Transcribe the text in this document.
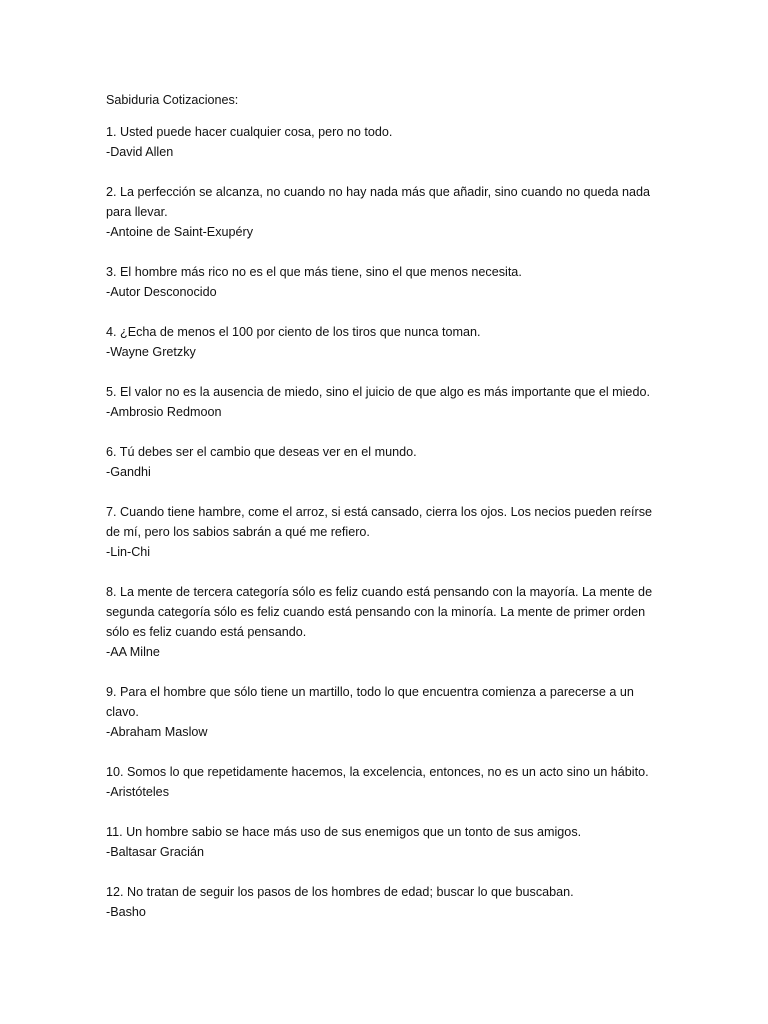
Sabiduria Cotizaciones:

1. Usted puede hacer cualquier cosa, pero no todo.

-David Allen

2. La perfección se alcanza, no cuando no hay nada más que añadir, sino cuando no queda nada para llevar.

-Antoine de Saint-Exupéry

3. El hombre más rico no es el que más tiene, sino el que menos necesita.

-Autor Desconocido

4. ¿Echa de menos el 100 por ciento de los tiros que nunca toman.

-Wayne Gretzky

5. El valor no es la ausencia de miedo, sino el juicio de que algo es más importante que el miedo.

-Ambrosio Redmoon

6. Tú debes ser el cambio que deseas ver en el mundo.

-Gandhi

7. Cuando tiene hambre, come el arroz, si está cansado, cierra los ojos. Los necios pueden reírse de mí, pero los sabios sabrán a qué me refiero.

-Lin-Chi

8. La mente de tercera categoría sólo es feliz cuando está pensando con la mayoría. La mente de segunda categoría sólo es feliz cuando está pensando con la minoría. La mente de primer orden sólo es feliz cuando está pensando.

-AA Milne

9. Para el hombre que sólo tiene un martillo, todo lo que encuentra comienza a parecerse a un clavo.

-Abraham Maslow

10. Somos lo que repetidamente hacemos, la excelencia, entonces, no es un acto sino un hábito.

-Aristóteles

11. Un hombre sabio se hace más uso de sus enemigos que un tonto de sus amigos.

-Baltasar Gracián

12. No tratan de seguir los pasos de los hombres de edad; buscar lo que buscaban.

-Basho
